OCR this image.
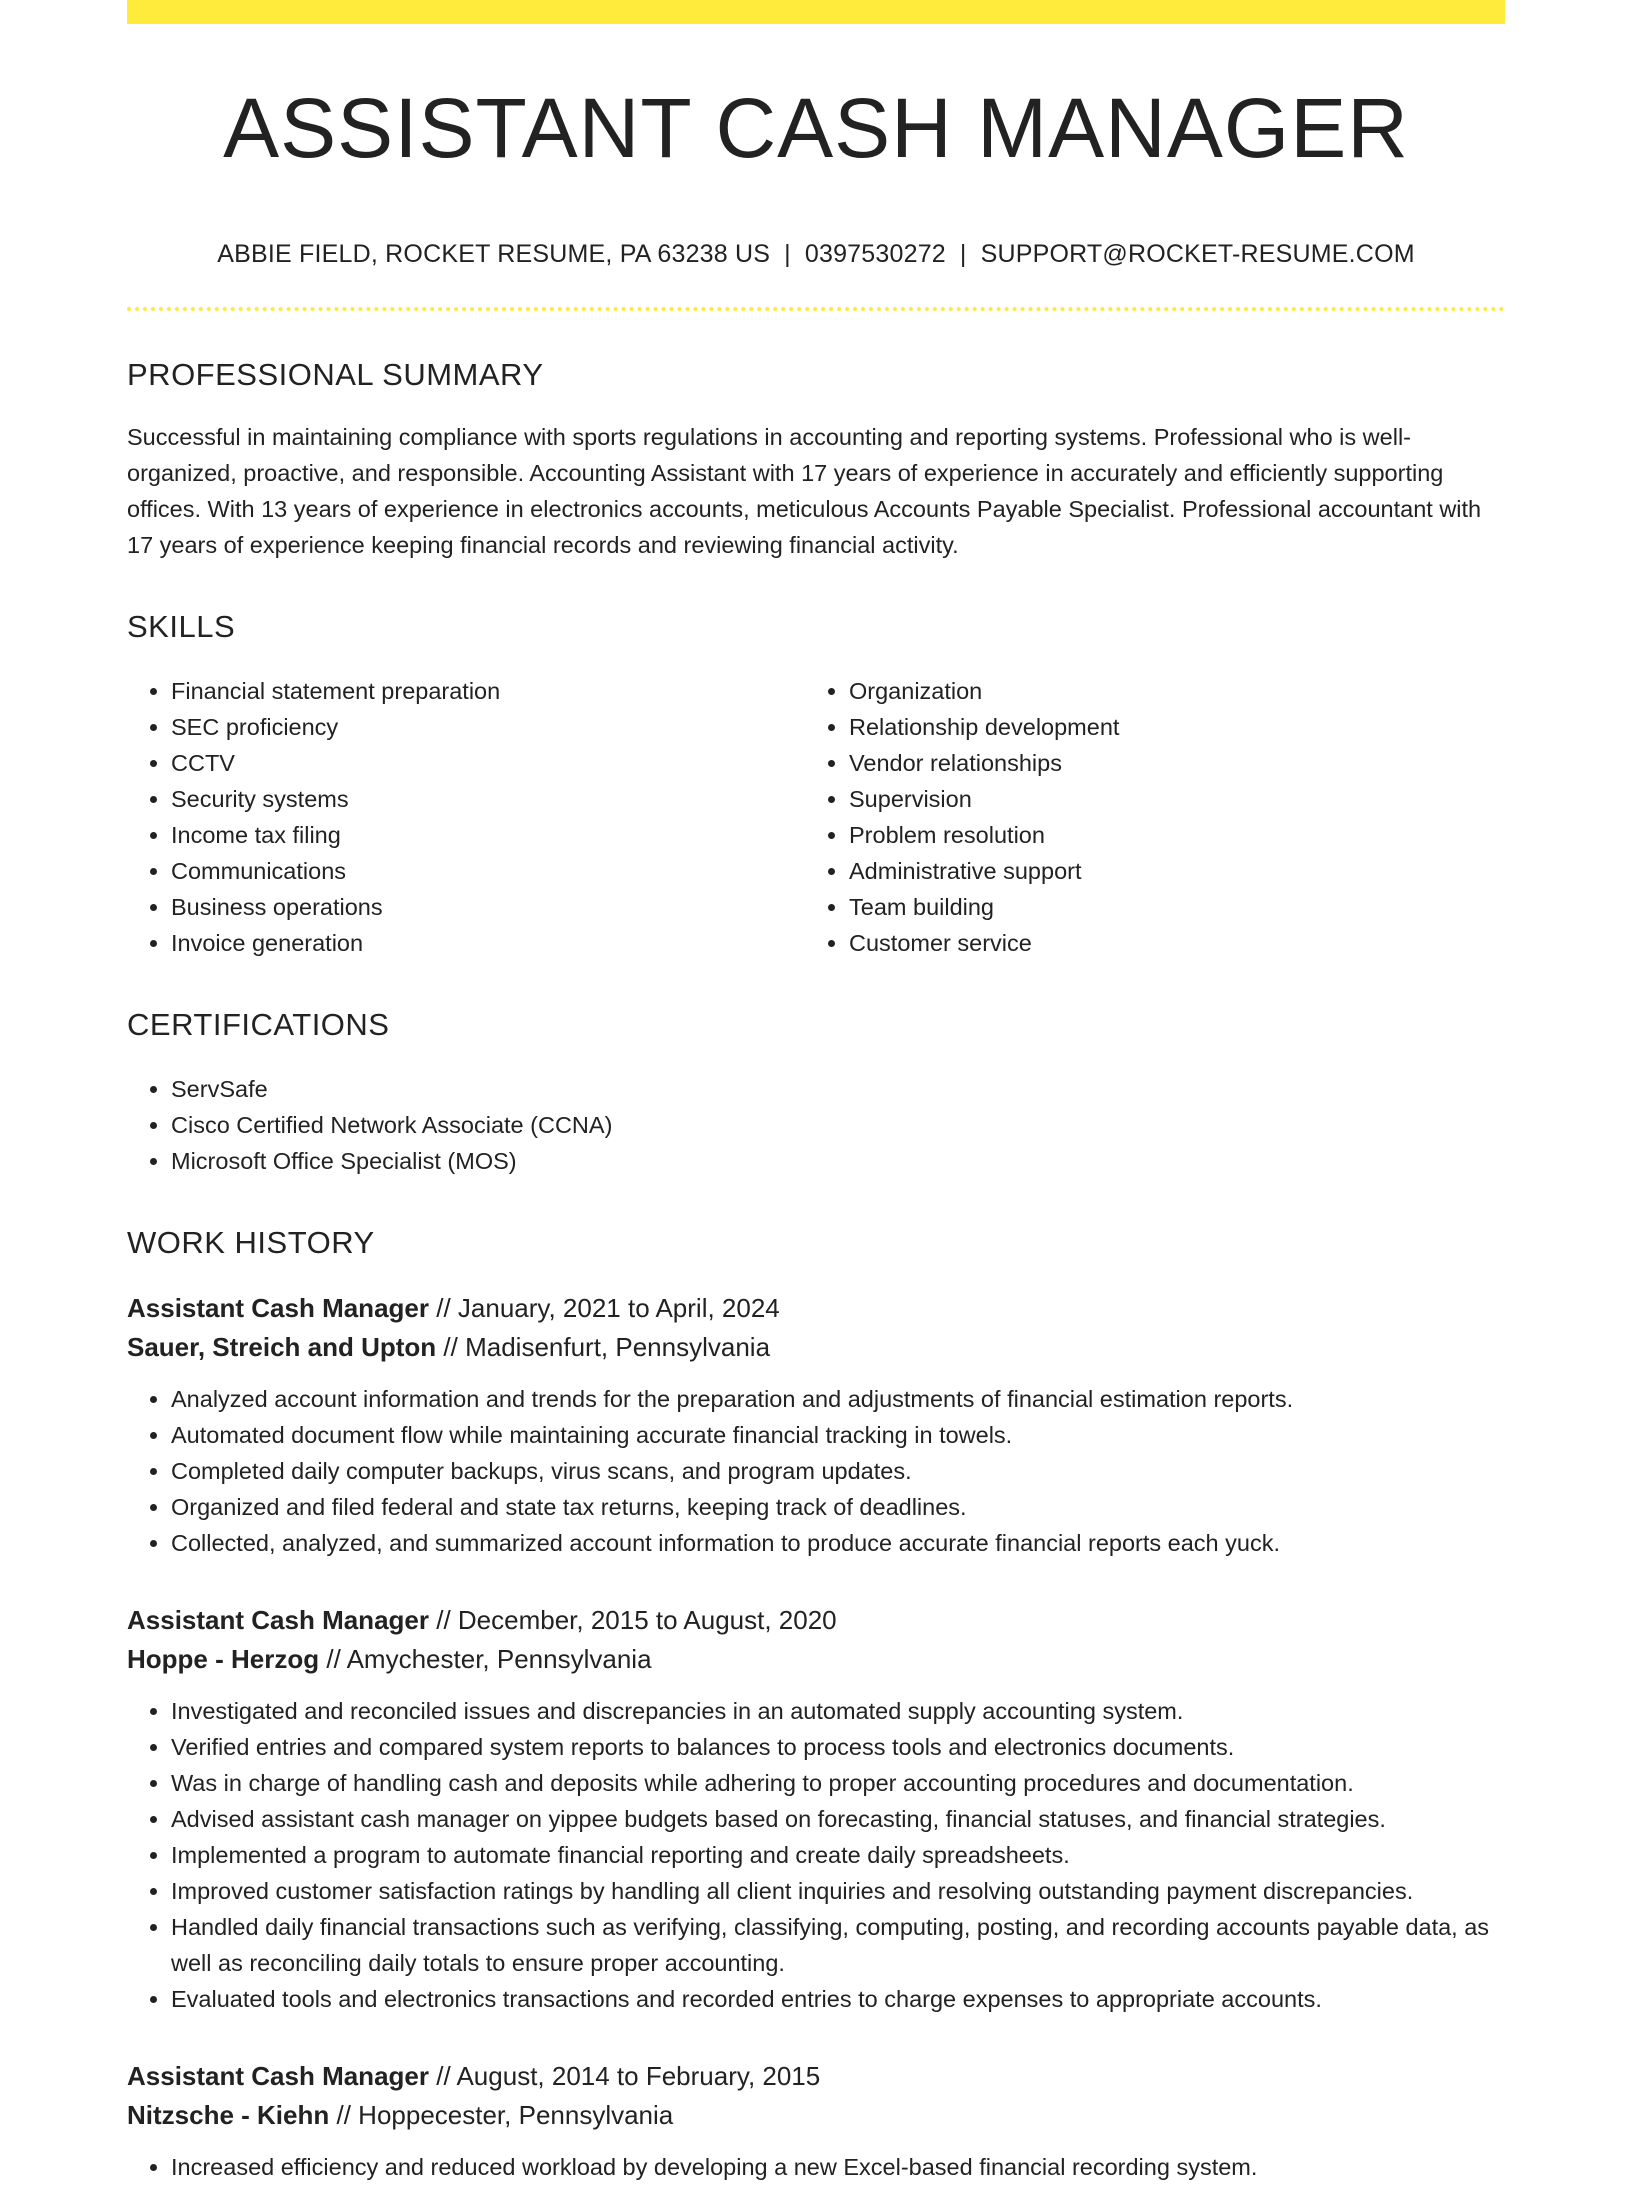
ASSISTANT CASH MANAGER
ABBIE FIELD, ROCKET RESUME, PA 63238 US | 0397530272 | SUPPORT@ROCKET-RESUME.COM
PROFESSIONAL SUMMARY
Successful in maintaining compliance with sports regulations in accounting and reporting systems. Professional who is well-organized, proactive, and responsible. Accounting Assistant with 17 years of experience in accurately and efficiently supporting offices. With 13 years of experience in electronics accounts, meticulous Accounts Payable Specialist. Professional accountant with 17 years of experience keeping financial records and reviewing financial activity.
SKILLS
• Financial statement preparation
• SEC proficiency
• CCTV
• Security systems
• Income tax filing
• Communications
• Business operations
• Invoice generation
• Organization
• Relationship development
• Vendor relationships
• Supervision
• Problem resolution
• Administrative support
• Team building
• Customer service
CERTIFICATIONS
• ServSafe
• Cisco Certified Network Associate (CCNA)
• Microsoft Office Specialist (MOS)
WORK HISTORY
Assistant Cash Manager // January, 2021 to April, 2024
Sauer, Streich and Upton // Madisenfurt, Pennsylvania
• Analyzed account information and trends for the preparation and adjustments of financial estimation reports.
• Automated document flow while maintaining accurate financial tracking in towels.
• Completed daily computer backups, virus scans, and program updates.
• Organized and filed federal and state tax returns, keeping track of deadlines.
• Collected, analyzed, and summarized account information to produce accurate financial reports each yuck.
Assistant Cash Manager // December, 2015 to August, 2020
Hoppe - Herzog // Amychester, Pennsylvania
• Investigated and reconciled issues and discrepancies in an automated supply accounting system.
• Verified entries and compared system reports to balances to process tools and electronics documents.
• Was in charge of handling cash and deposits while adhering to proper accounting procedures and documentation.
• Advised assistant cash manager on yippee budgets based on forecasting, financial statuses, and financial strategies.
• Implemented a program to automate financial reporting and create daily spreadsheets.
• Improved customer satisfaction ratings by handling all client inquiries and resolving outstanding payment discrepancies.
• Handled daily financial transactions such as verifying, classifying, computing, posting, and recording accounts payable data, as well as reconciling daily totals to ensure proper accounting.
• Evaluated tools and electronics transactions and recorded entries to charge expenses to appropriate accounts.
Assistant Cash Manager // August, 2014 to February, 2015
Nitzsche - Kiehn // Hoppecester, Pennsylvania
• Increased efficiency and reduced workload by developing a new Excel-based financial recording system.
